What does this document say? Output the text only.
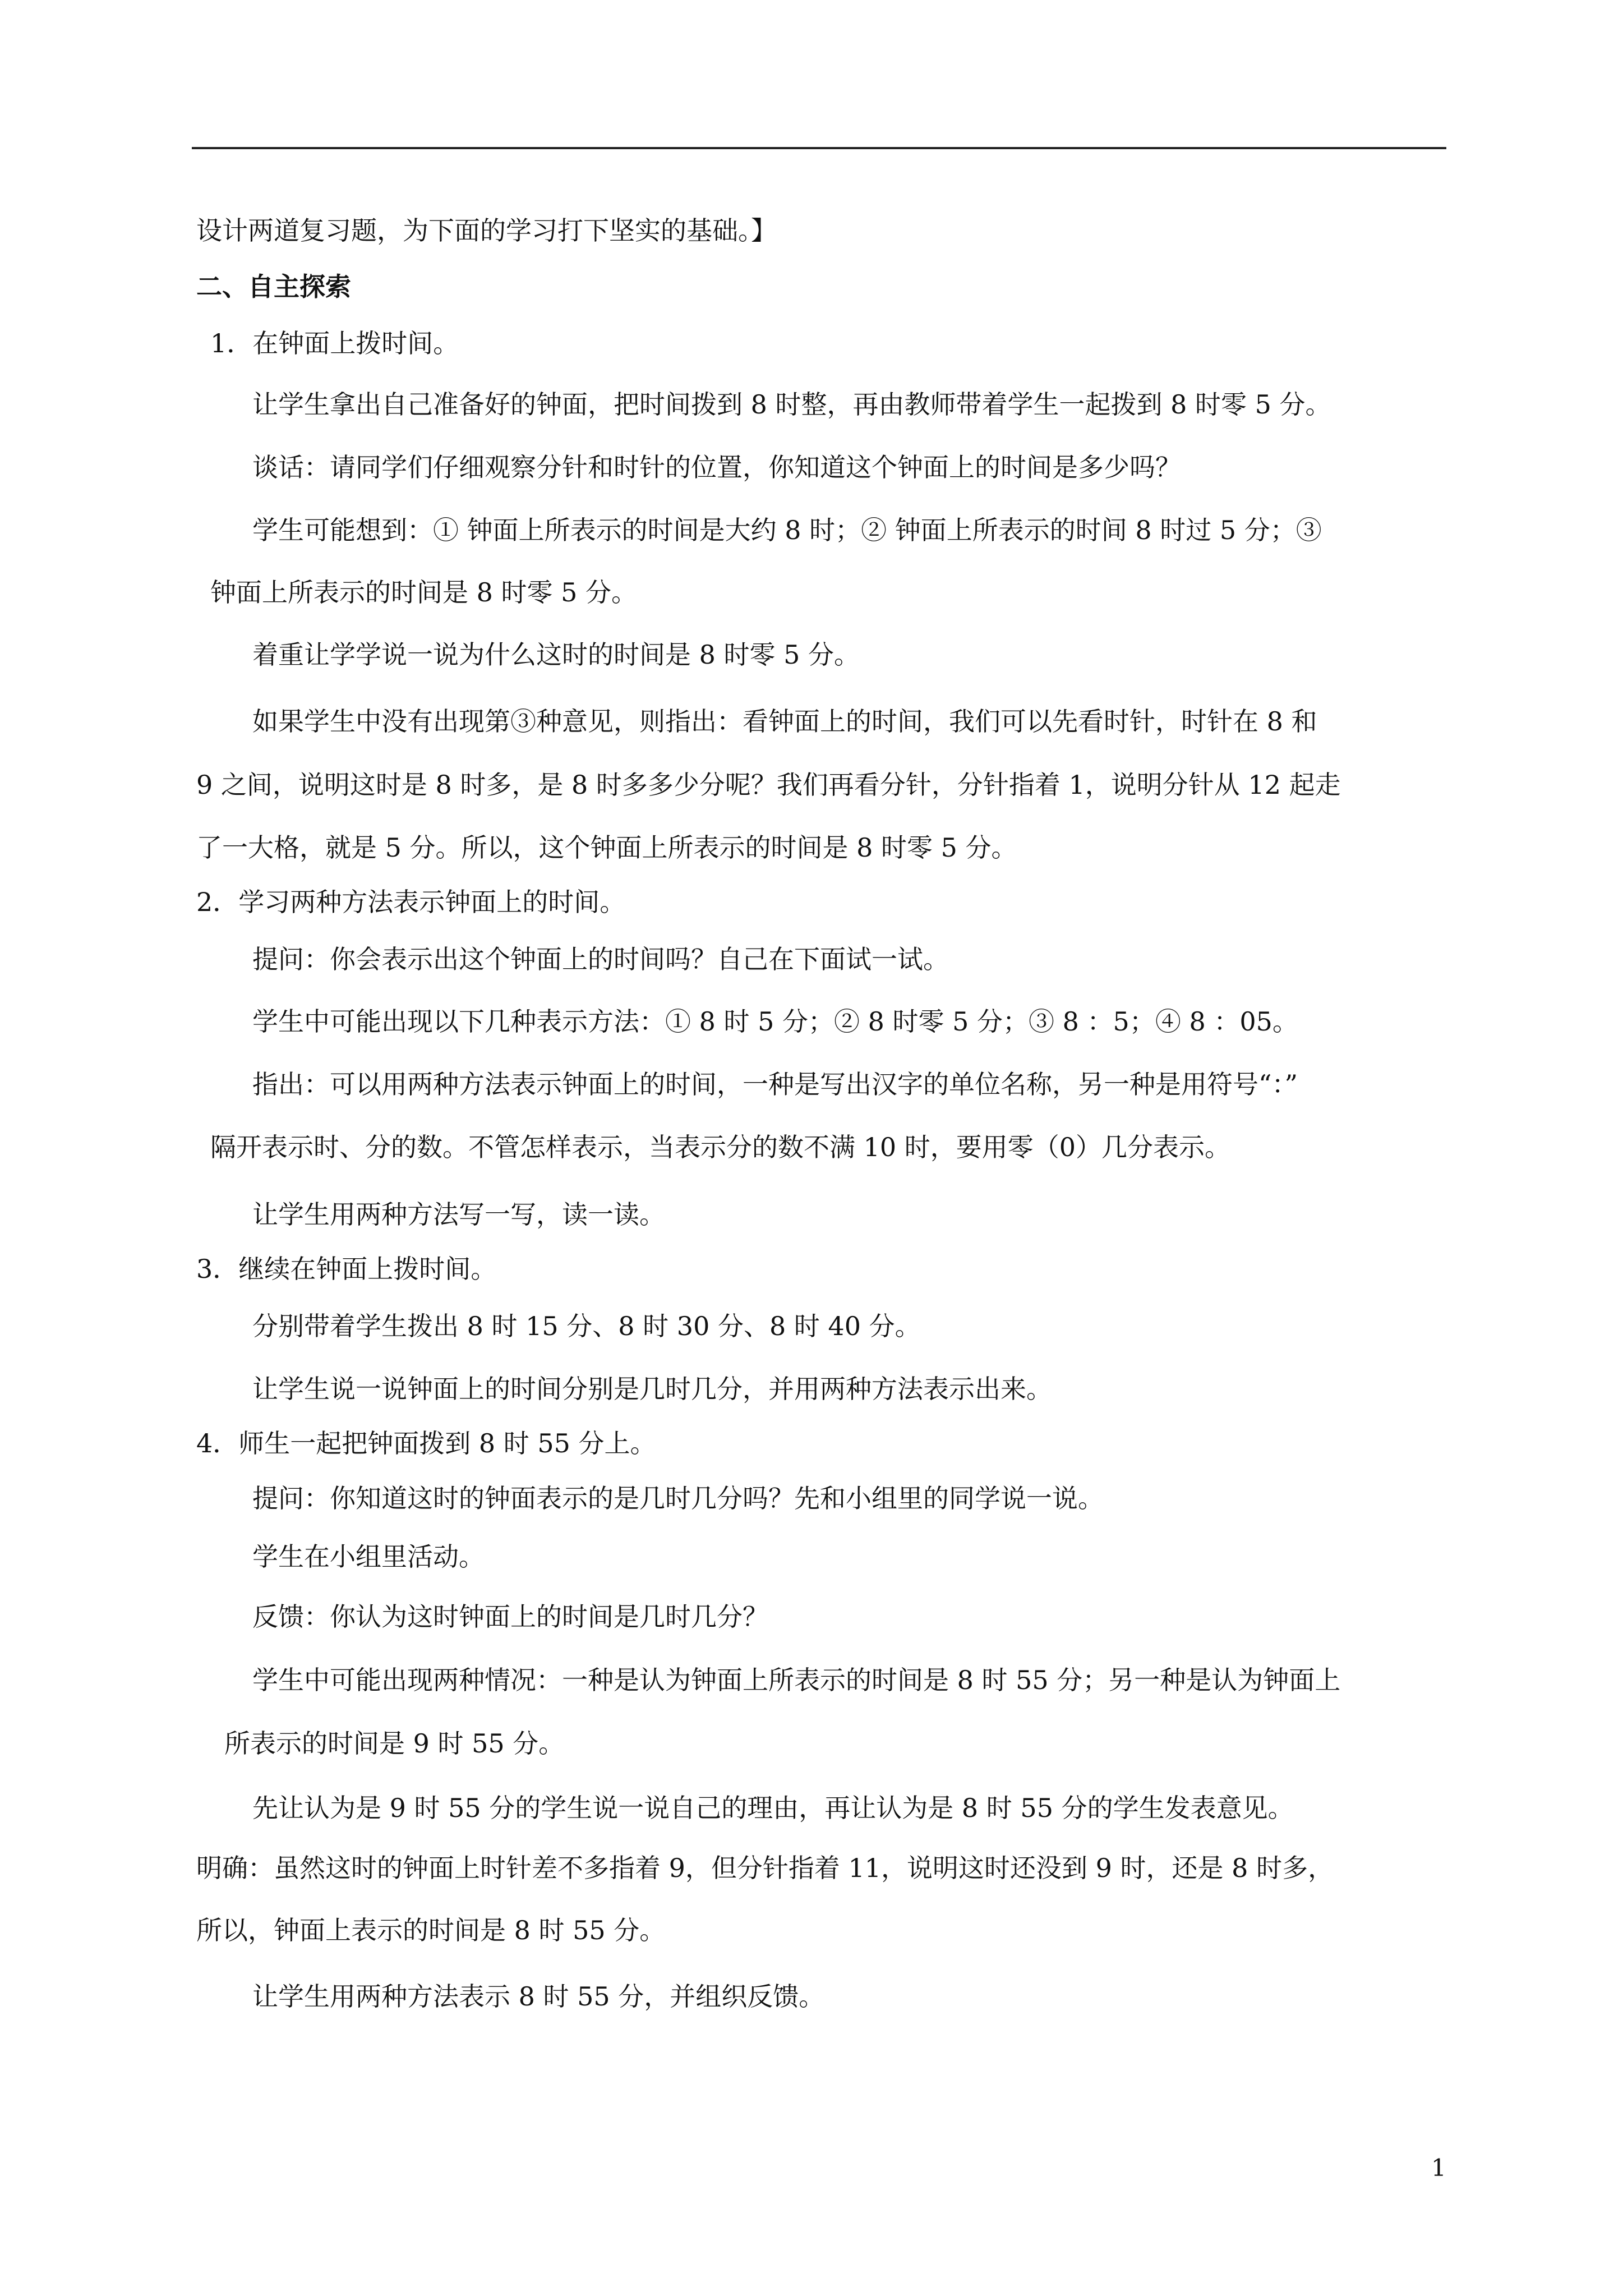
设计两道复习题，为下面的学习打下坚实的基础。】

二、自主探索

1．在钟面上拨时间。

让学生拿出自己准备好的钟面，把时间拨到 8 时整，再由教师带着学生一起拨到 8 时零 5 分。

谈话：请同学们仔细观察分针和时针的位置，你知道这个钟面上的时间是多少吗？

学生可能想到：① 钟面上所表示的时间是大约 8 时；② 钟面上所表示的时间 8 时过 5 分；③

钟面上所表示的时间是 8 时零 5 分。

着重让学学说一说为什么这时的时间是 8 时零 5 分。

如果学生中没有出现第③种意见，则指出：看钟面上的时间，我们可以先看时针，时针在 8 和

9 之间，说明这时是 8 时多，是 8 时多多少分呢？我们再看分针，分针指着 1，说明分针从 12 起走

了一大格，就是 5 分。所以，这个钟面上所表示的时间是 8 时零 5 分。

2．学习两种方法表示钟面上的时间。

提问：你会表示出这个钟面上的时间吗？自己在下面试一试。

学生中可能出现以下几种表示方法：① 8 时 5 分；② 8 时零 5 分；③ 8 ：5；④ 8 ：05。

指出：可以用两种方法表示钟面上的时间，一种是写出汉字的单位名称，另一种是用符号“：”

隔开表示时、分的数。不管怎样表示，当表示分的数不满 10 时，要用零（0）几分表示。

让学生用两种方法写一写，读一读。

3．继续在钟面上拨时间。

分别带着学生拨出 8 时 15 分、8 时 30 分、8 时 40 分。

让学生说一说钟面上的时间分别是几时几分，并用两种方法表示出来。

4．师生一起把钟面拨到 8 时 55 分上。

提问：你知道这时的钟面表示的是几时几分吗？先和小组里的同学说一说。

学生在小组里活动。

反馈：你认为这时钟面上的时间是几时几分？

学生中可能出现两种情况：一种是认为钟面上所表示的时间是 8 时 55 分；另一种是认为钟面上

所表示的时间是 9 时 55 分。

先让认为是 9 时 55 分的学生说一说自己的理由，再让认为是 8 时 55 分的学生发表意见。

明确：虽然这时的钟面上时针差不多指着 9，但分针指着 11，说明这时还没到 9 时，还是 8 时多，

所以，钟面上表示的时间是 8 时 55 分。

让学生用两种方法表示 8 时 55 分，并组织反馈。

1
